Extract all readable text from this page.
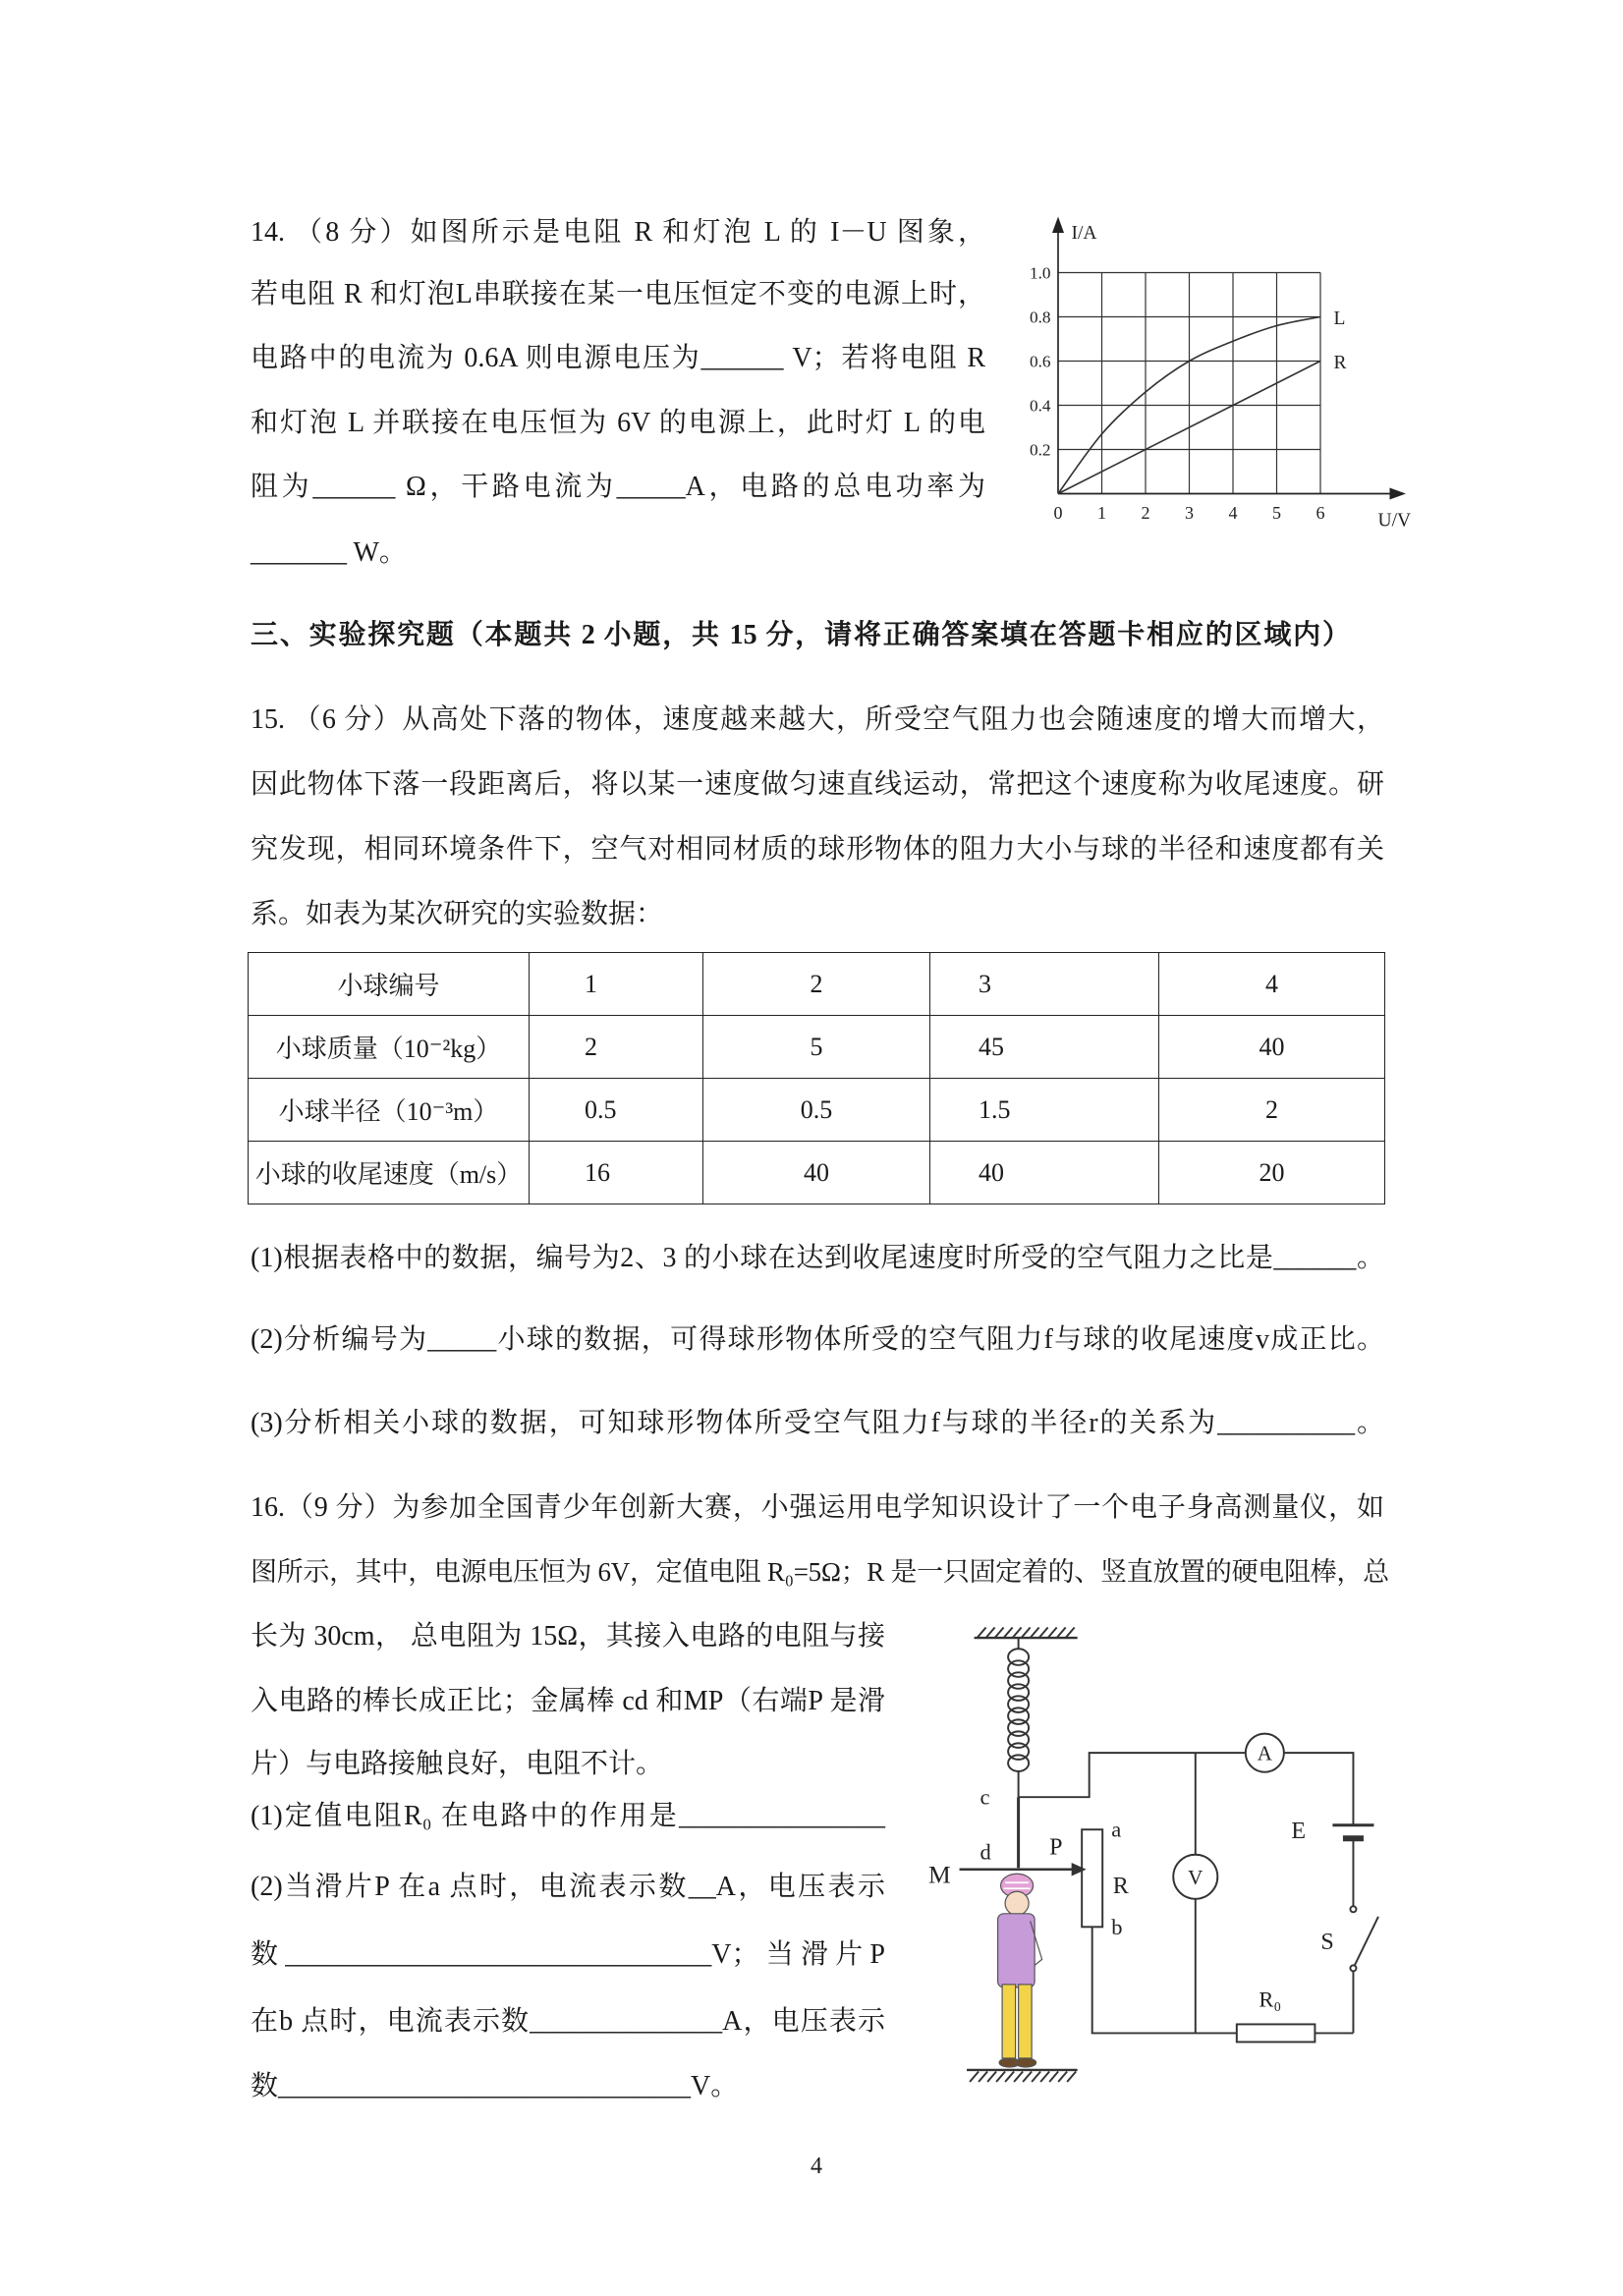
14. （8 分）如图所示是电阻 R 和灯泡 L 的 I－U 图象，
若电阻 R 和灯泡L串联接在某一电压恒定不变的电源上时，
电路中的电流为 0.6A 则电源电压为______ V；若将电阻 R
和灯泡 L 并联接在电压恒为 6V 的电源上，此时灯 L 的电
阻为______ Ω，干路电流为_____A，电路的总电功率为
_______ W。
I/A
U/V
0	1	2	3	4	5	6
0.2
0.4
0.6
0.8
1.0
L
R
三、实验探究题（本题共 2 小题，共 15 分，请将正确答案填在答题卡相应的区域内）
15. （6 分）从高处下落的物体，速度越来越大，所受空气阻力也会随速度的增大而增大，
因此物体下落一段距离后，将以某一速度做匀速直线运动，常把这个速度称为收尾速度。研
究发现，相同环境条件下，空气对相同材质的球形物体的阻力大小与球的半径和速度都有关
系。如表为某次研究的实验数据：
小球编号	1	2	3	4
小球质量（10⁻²kg）	2	5	45	40
小球半径（10⁻³m）	0.5	0.5	1.5	2
小球的收尾速度（m/s）	16	40	40	20
(1)根据表格中的数据，编号为2、3 的小球在达到收尾速度时所受的空气阻力之比是______。
(2)分析编号为_____小球的数据，可得球形物体所受的空气阻力f与球的收尾速度v成正比。
(3)分析相关小球的数据，可知球形物体所受空气阻力f与球的半径r的关系为__________。
16.（9 分）为参加全国青少年创新大赛，小强运用电学知识设计了一个电子身高测量仪，如
图所示，其中，电源电压恒为 6V，定值电阻 R₀=5Ω；R 是一只固定着的、竖直放置的硬电阻棒，总
长为 30cm， 总电阻为 15Ω，其接入电路的电阻与接
入电路的棒长成正比；金属棒 cd 和MP（右端P 是滑
片）与电路接触良好，电阻不计。
(1)定值电阻R₀ 在电路中的作用是_______________
(2)当滑片P 在a 点时，电流表示数__A，电压表示
数_______________________________V；当滑片P
在b 点时，电流表示数______________A，电压表示
数______________________________V。
c
d
M
P
a
R
b
E
S
R₀
A
V
4
